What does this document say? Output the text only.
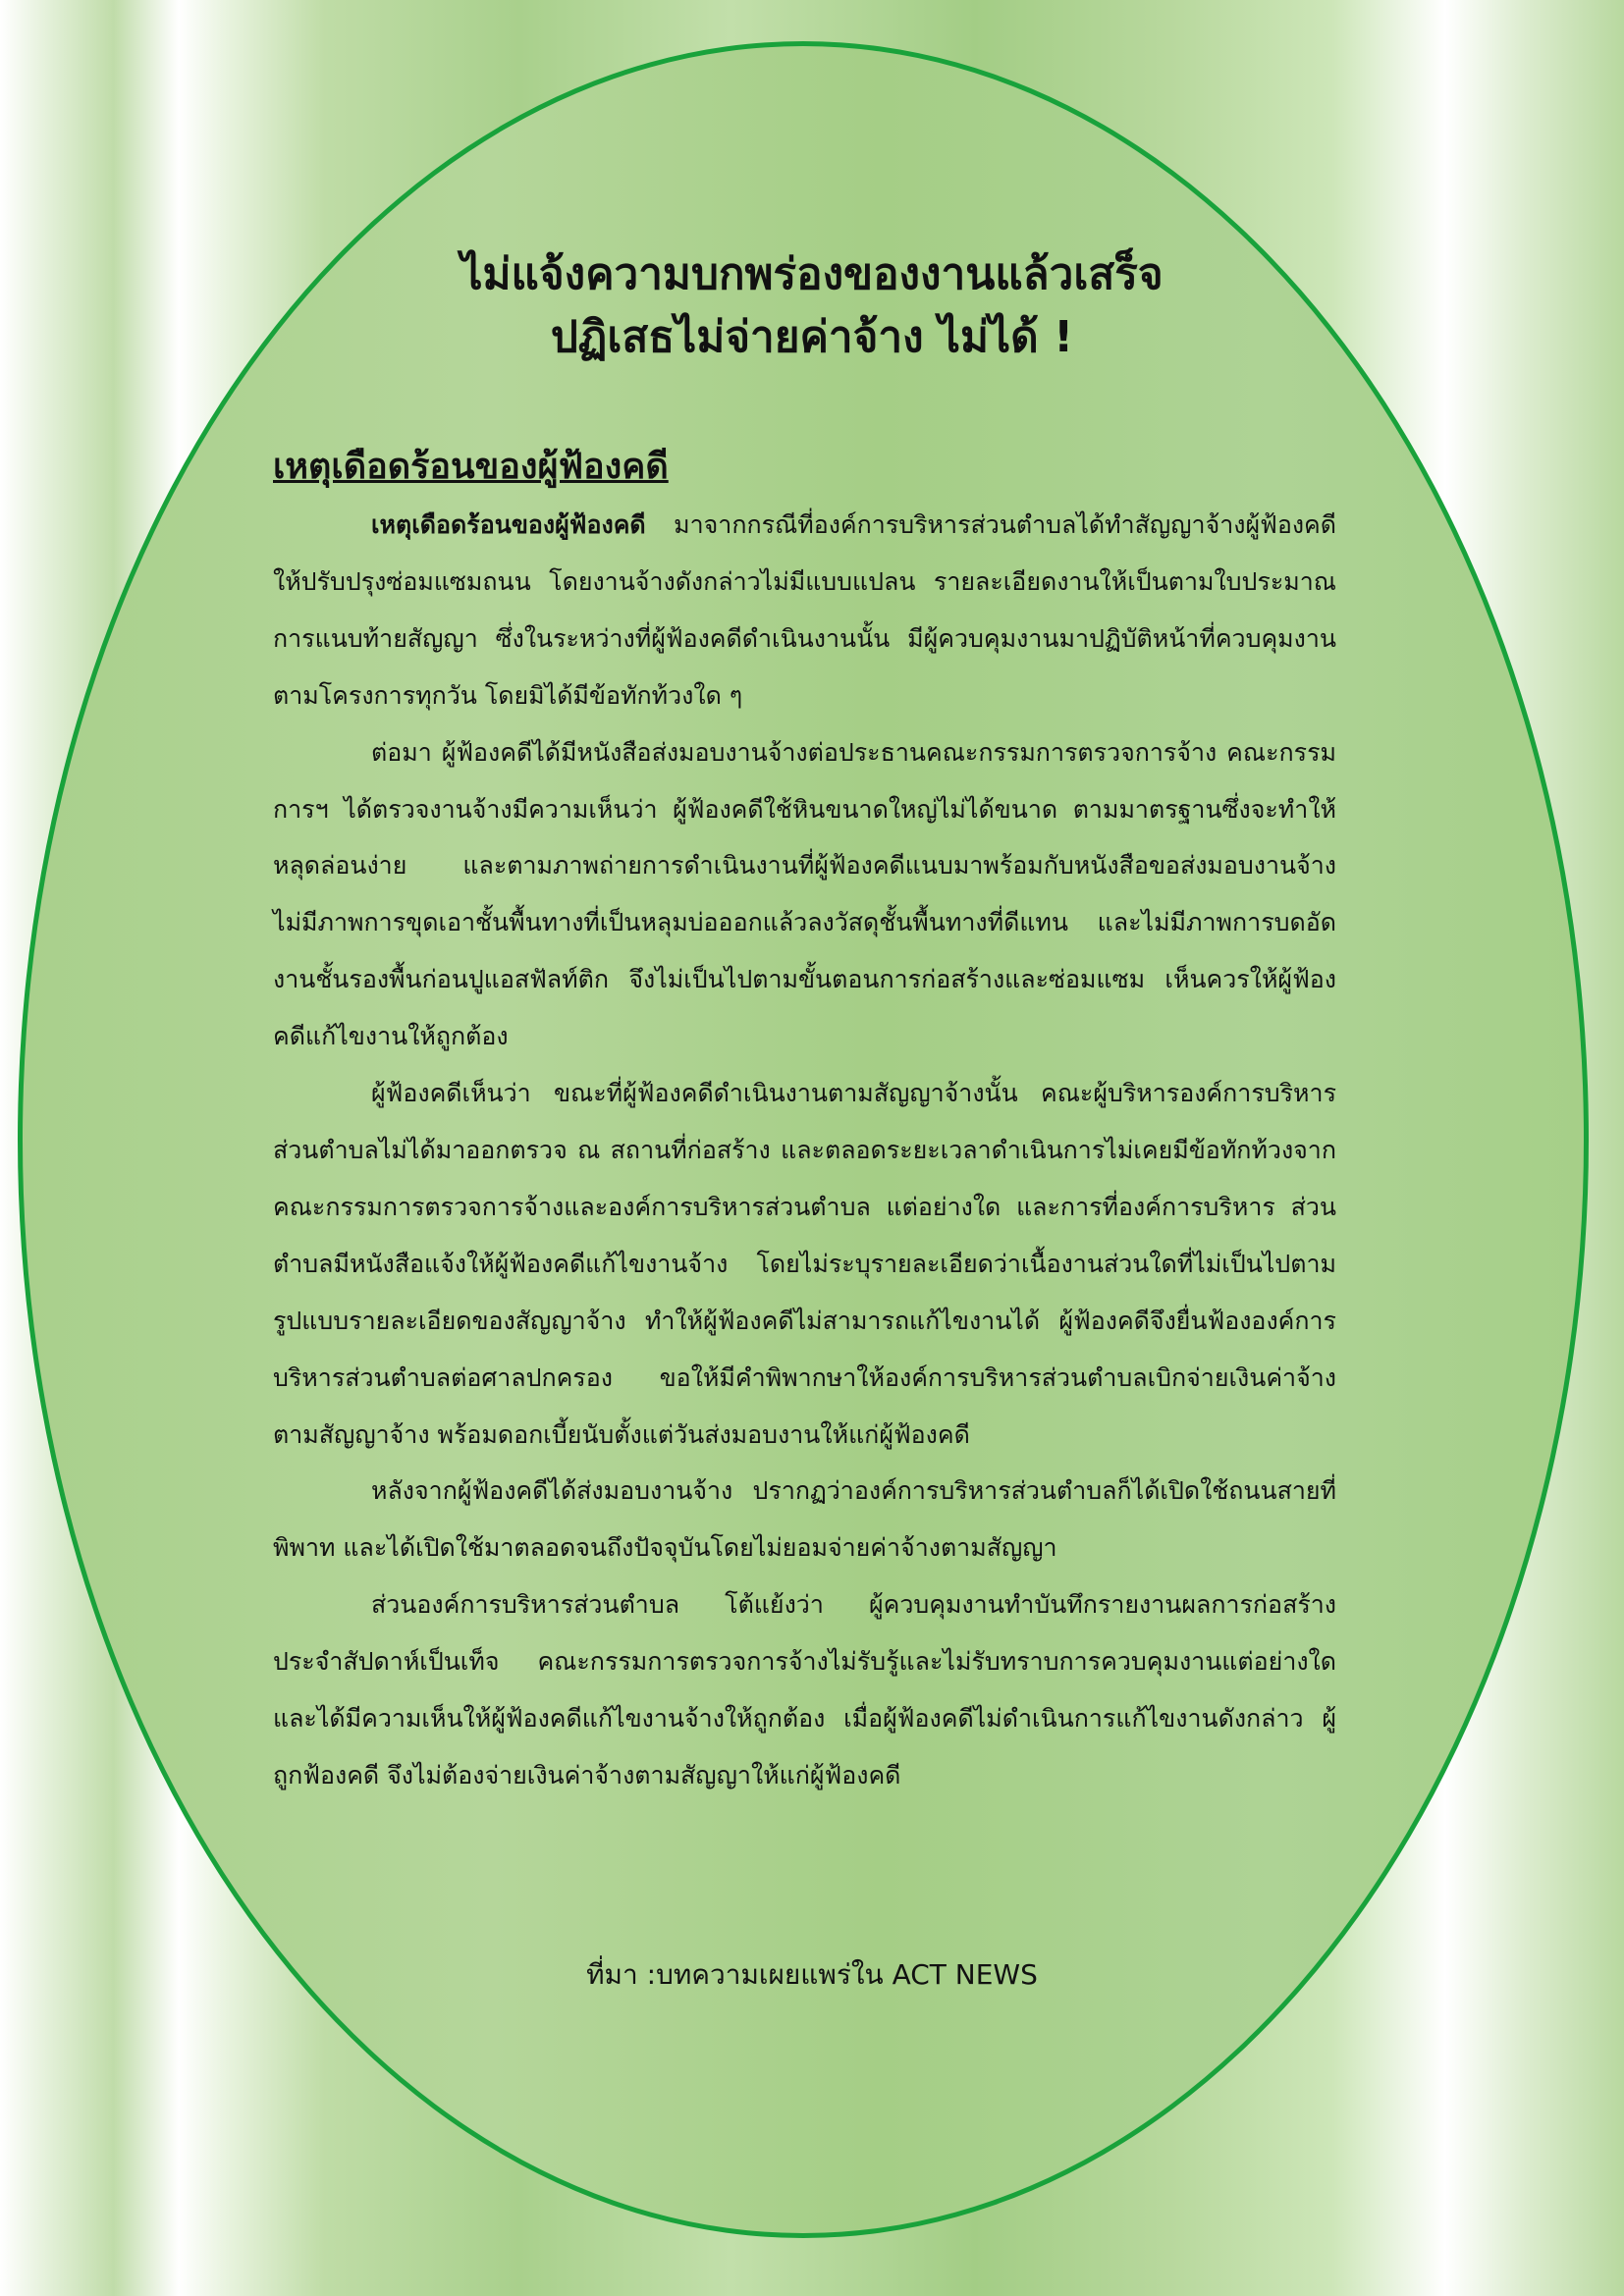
ไม่แจ้งความบกพร่องของงานแล้วเสร็จ
ปฏิเสธไม่จ่ายค่าจ้าง ไม่ได้ !
เหตุเดือดร้อนของผู้ฟ้องคดี

เหตุเดือดร้อนของผู้ฟ้องคดี มาจากกรณีที่องค์การบริหารส่วนตำบลได้ทำสัญญาจ้างผู้ฟ้องคดีให้ปรับปรุงซ่อมแซมถนน โดยงานจ้างดังกล่าวไม่มีแบบแปลน รายละเอียดงานให้เป็นตามใบประมาณการแนบท้ายสัญญา ซึ่งในระหว่างที่ผู้ฟ้องคดีดำเนินงานนั้น มีผู้ควบคุมงานมาปฏิบัติหน้าที่ควบคุมงานตามโครงการทุกวัน โดยมิได้มีข้อทักท้วงใด ๆ

ต่อมา ผู้ฟ้องคดีได้มีหนังสือส่งมอบงานจ้างต่อประธานคณะกรรมการตรวจการจ้าง คณะกรรมการฯ ได้ตรวจงานจ้างมีความเห็นว่า ผู้ฟ้องคดีใช้หินขนาดใหญ่ไม่ได้ขนาด ตามมาตรฐานซึ่งจะทำให้หลุดล่อนง่าย และตามภาพถ่ายการดำเนินงานที่ผู้ฟ้องคดีแนบมาพร้อมกับหนังสือขอส่งมอบงานจ้าง ไม่มีภาพการขุดเอาชั้นพื้นทางที่เป็นหลุมบ่อออกแล้วลงวัสดุชั้นพื้นทางที่ดีแทน และไม่มีภาพการบดอัดงานชั้นรองพื้นก่อนปูแอสฟัลท์ติก จึงไม่เป็นไปตามขั้นตอนการก่อสร้างและซ่อมแซม เห็นควรให้ผู้ฟ้องคดีแก้ไขงานให้ถูกต้อง

ผู้ฟ้องคดีเห็นว่า ขณะที่ผู้ฟ้องคดีดำเนินงานตามสัญญาจ้างนั้น คณะผู้บริหารองค์การบริหารส่วนตำบลไม่ได้มาออกตรวจ ณ สถานที่ก่อสร้าง และตลอดระยะเวลาดำเนินการไม่เคยมีข้อทักท้วงจากคณะกรรมการตรวจการจ้างและองค์การบริหารส่วนตำบล แต่อย่างใด และการที่องค์การบริหาร ส่วนตำบลมีหนังสือแจ้งให้ผู้ฟ้องคดีแก้ไขงานจ้าง โดยไม่ระบุรายละเอียดว่าเนื้องานส่วนใดที่ไม่เป็นไปตามรูปแบบรายละเอียดของสัญญาจ้าง ทำให้ผู้ฟ้องคดีไม่สามารถแก้ไขงานได้ ผู้ฟ้องคดีจึงยื่นฟ้ององค์การบริหารส่วนตำบลต่อศาลปกครอง ขอให้มีคำพิพากษาให้องค์การบริหารส่วนตำบลเบิกจ่ายเงินค่าจ้างตามสัญญาจ้าง พร้อมดอกเบี้ยนับตั้งแต่วันส่งมอบงานให้แก่ผู้ฟ้องคดี

หลังจากผู้ฟ้องคดีได้ส่งมอบงานจ้าง ปรากฏว่าองค์การบริหารส่วนตำบลก็ได้เปิดใช้ถนนสายที่พิพาท และได้เปิดใช้มาตลอดจนถึงปัจจุบันโดยไม่ยอมจ่ายค่าจ้างตามสัญญา

ส่วนองค์การบริหารส่วนตำบล โต้แย้งว่า ผู้ควบคุมงานทำบันทึกรายงานผลการก่อสร้าง ประจำสัปดาห์เป็นเท็จ คณะกรรมการตรวจการจ้างไม่รับรู้และไม่รับทราบการควบคุมงานแต่อย่างใด และได้มีความเห็นให้ผู้ฟ้องคดีแก้ไขงานจ้างให้ถูกต้อง เมื่อผู้ฟ้องคดีไม่ดำเนินการแก้ไขงานดังกล่าว ผู้ถูกฟ้องคดี จึงไม่ต้องจ่ายเงินค่าจ้างตามสัญญาให้แก่ผู้ฟ้องคดี

ที่มา :บทความเผยแพร่ใน ACT NEWS
